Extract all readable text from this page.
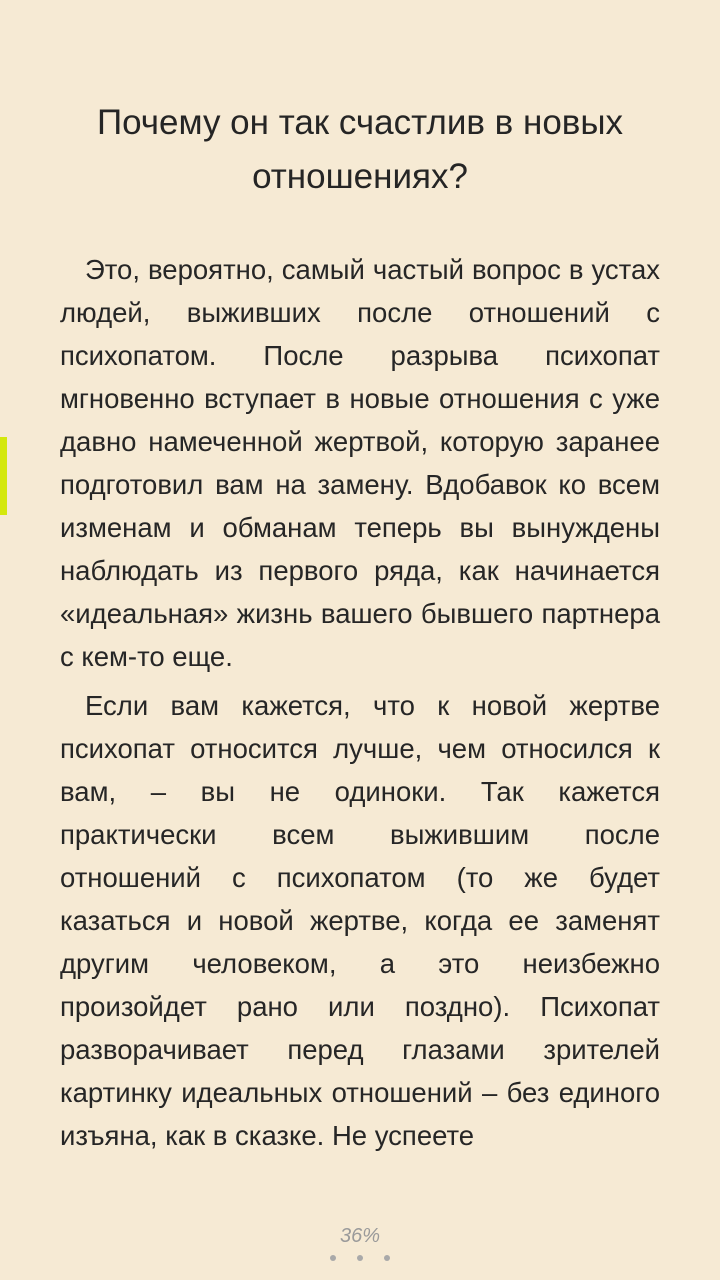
Почему он так счастлив в новых отношениях?

Это, вероятно, самый частый вопрос в устах людей, выживших после отношений с психопатом. После разрыва психопат мгновенно вступает в новые отношения с уже давно намеченной жертвой, которую заранее подготовил вам на замену. Вдобавок ко всем изменам и обманам теперь вы вынуждены наблюдать из первого ряда, как начинается «идеальная» жизнь вашего бывшего партнера с кем-то еще.

Если вам кажется, что к новой жертве психопат относится лучше, чем относился к вам, – вы не одиноки. Так кажется практически всем выжившим после отношений с психопатом (то же будет казаться и новой жертве, когда ее заменят другим человеком, а это неизбежно произойдет рано или поздно). Психопат разворачивает перед глазами зрителей картинку идеальных отношений – без единого изъяна, как в сказке. Не успеете

36%
